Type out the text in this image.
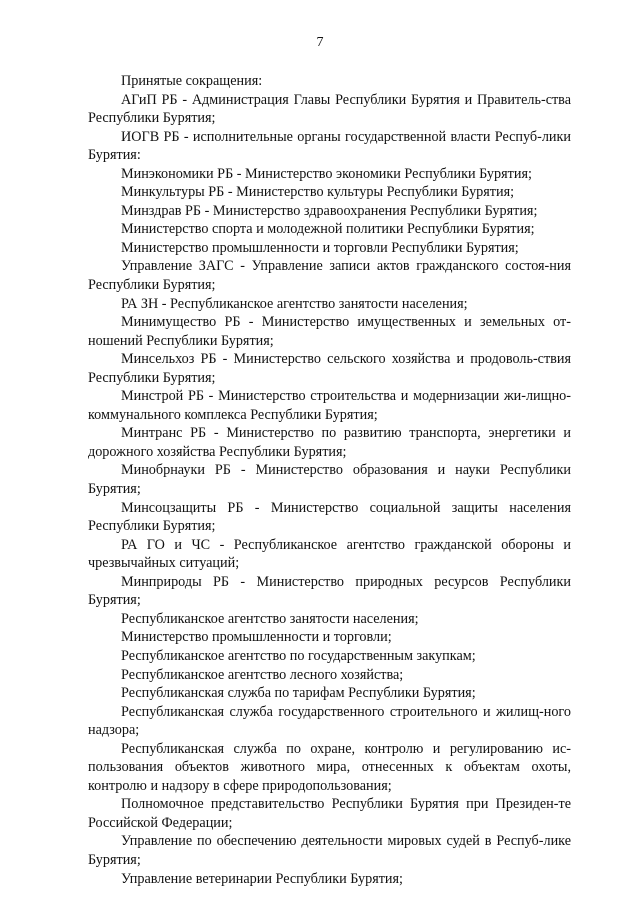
7

Принятые сокращения:

АГиП РБ - Администрация Главы Республики Бурятия и Правитель-ства Республики Бурятия;

ИОГВ РБ - исполнительные органы государственной власти Респуб-лики Бурятия:

Минэкономики РБ - Министерство экономики Республики Бурятия;

Минкультуры РБ - Министерство культуры Республики Бурятия;

Минздрав РБ - Министерство здравоохранения Республики Бурятия;

Министерство спорта и молодежной политики Республики Бурятия;

Министерство промышленности и торговли Республики Бурятия;

Управление ЗАГС - Управление записи актов гражданского состоя-ния Республики Бурятия;

РА ЗН - Республиканское агентство занятости населения;

Минимущество РБ - Министерство имущественных и земельных от-ношений Республики Бурятия;

Минсельхоз РБ - Министерство сельского хозяйства и продоволь-ствия Республики Бурятия;

Минстрой РБ - Министерство строительства и модернизации жи-лищно-коммунального комплекса Республики Бурятия;

Минтранс РБ - Министерство по развитию транспорта, энергетики и дорожного хозяйства Республики Бурятия;

Минобрнауки РБ - Министерство образования и науки Республики Бурятия;

Минсоцзащиты РБ - Министерство социальной защиты населения Республики Бурятия;

РА ГО и ЧС - Республиканское агентство гражданской обороны и чрезвычайных ситуаций;

Минприроды РБ - Министерство природных ресурсов Республики Бурятия;

Республиканское агентство занятости населения;

Министерство промышленности и торговли;

Республиканское агентство по государственным закупкам;

Республиканское агентство лесного хозяйства;

Республиканская служба по тарифам Республики Бурятия;

Республиканская служба государственного строительного и жилищ-ного надзора;

Республиканская служба по охране, контролю и регулированию ис-пользования объектов животного мира, отнесенных к объектам охоты, контролю и надзору в сфере природопользования;

Полномочное представительство Республики Бурятия при Президен-те Российской Федерации;

Управление по обеспечению деятельности мировых судей в Респуб-лике Бурятия;

Управление ветеринарии Республики Бурятия;
